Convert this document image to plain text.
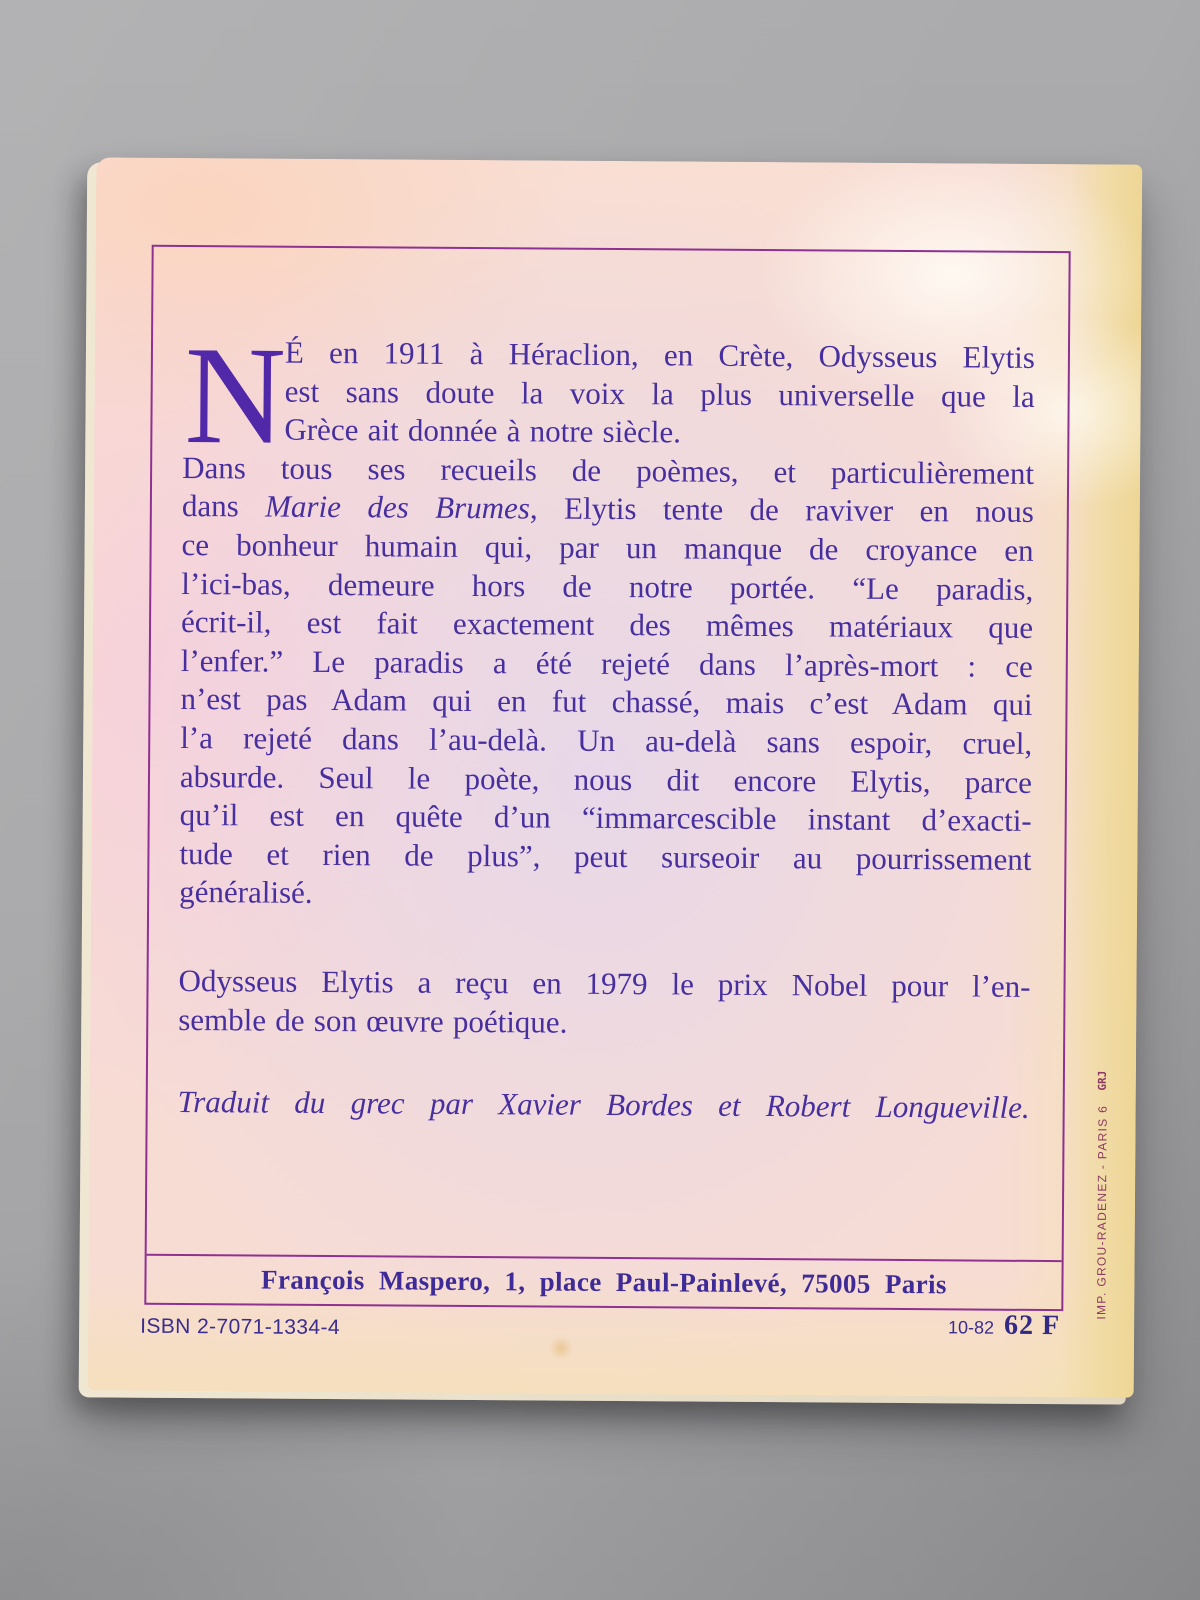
N
É en 1911 à Héraclion, en Crète, Odysseus Elytis
est sans doute la voix la plus universelle que la
Grèce ait donnée à notre siècle.
Dans tous ses recueils de poèmes, et particulièrement
dans Marie des Brumes, Elytis tente de raviver en nous
ce bonheur humain qui, par un manque de croyance en
l’ici-bas, demeure hors de notre portée. “Le paradis,
écrit-il, est fait exactement des mêmes matériaux que
l’enfer.” Le paradis a été rejeté dans l’après-mort : ce
n’est pas Adam qui en fut chassé, mais c’est Adam qui
l’a rejeté dans l’au-delà. Un au-delà sans espoir, cruel,
absurde. Seul le poète, nous dit encore Elytis, parce
qu’il est en quête d’un “immarcescible instant d’exacti-
tude et rien de plus”, peut surseoir au pourrissement
généralisé.
Odysseus Elytis a reçu en 1979 le prix Nobel pour l’en-
semble de son œuvre poétique.
Traduit du grec par Xavier Bordes et Robert Longueville.
François Maspero, 1, place Paul-Painlevé, 75005 Paris
ISBN 2-7071-1334-4	10-82 62 F
IMP. GROU-RADENEZ - PARIS 6 GRJ
